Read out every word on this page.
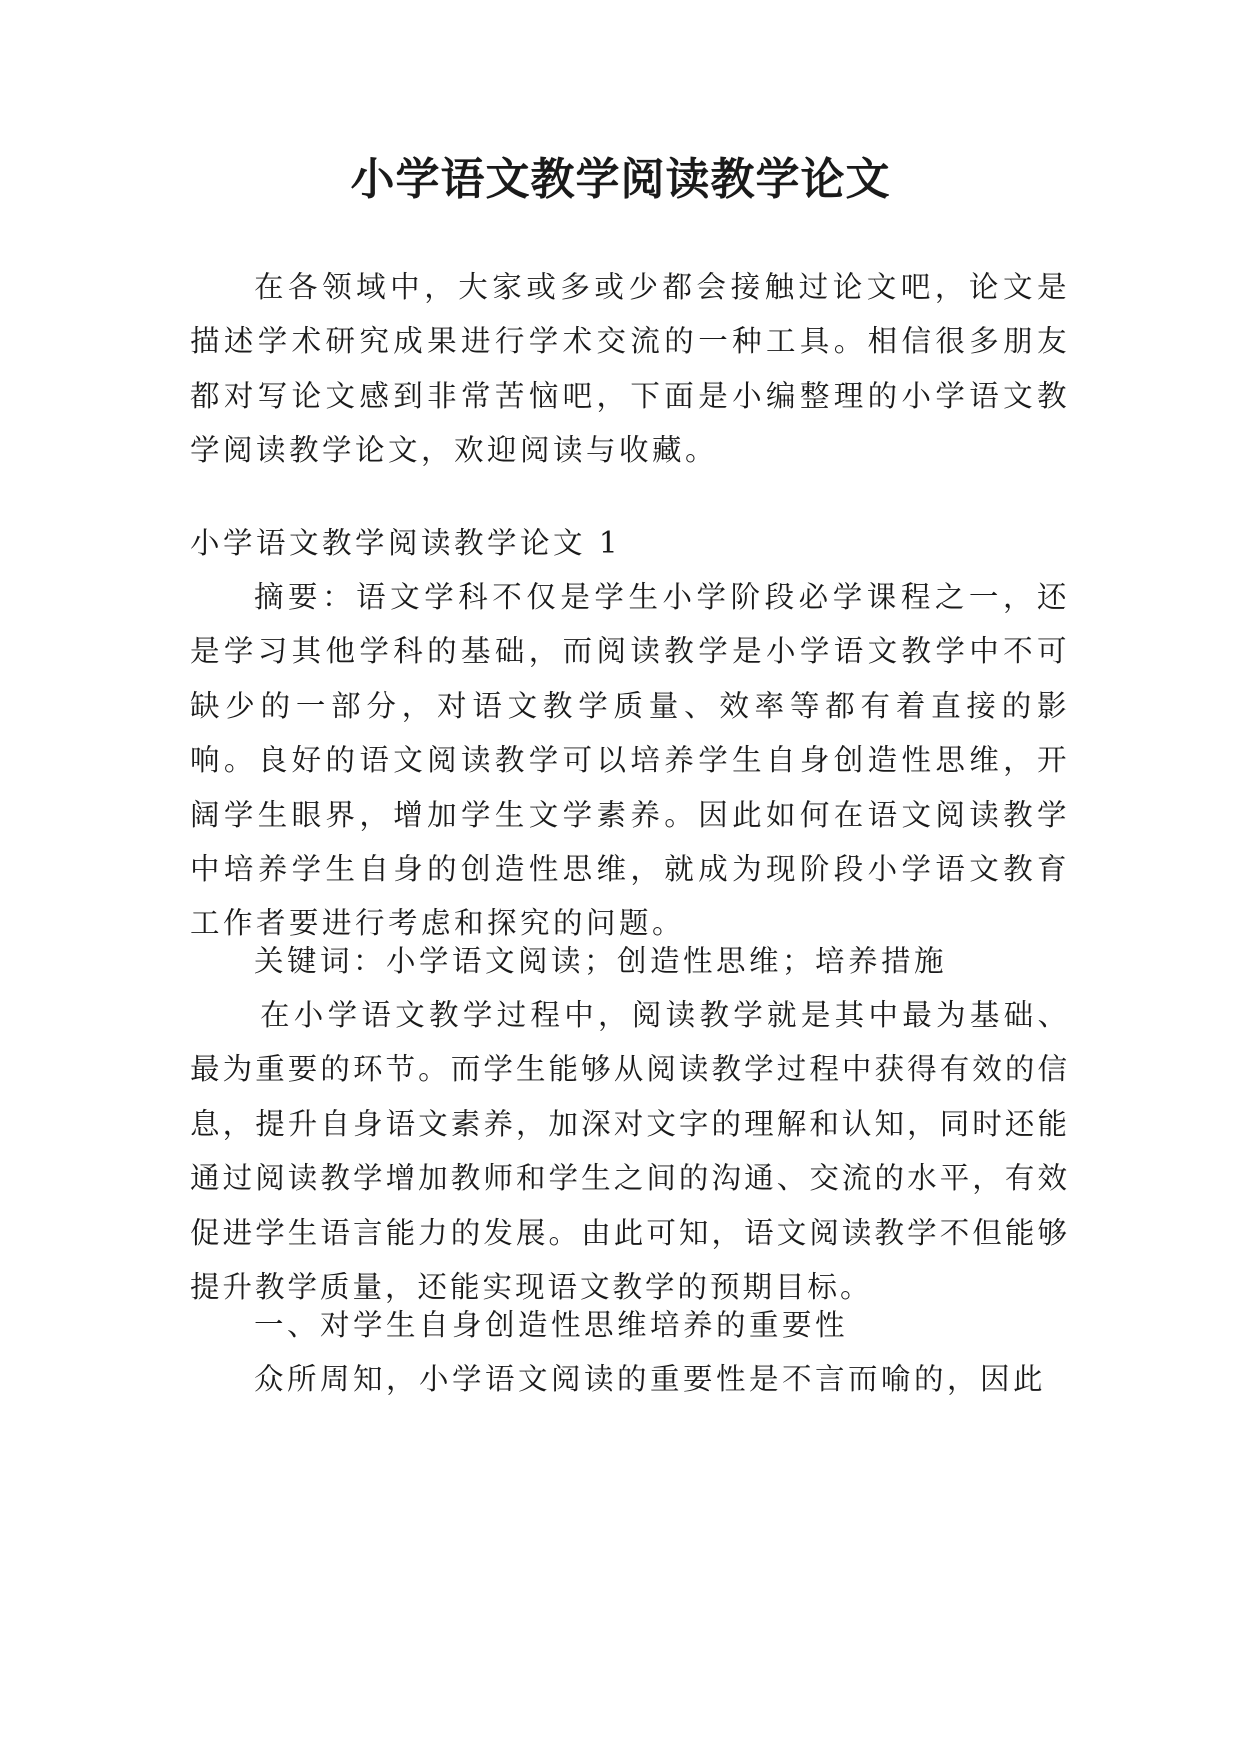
小学语文教学阅读教学论文

在各领域中，大家或多或少都会接触过论文吧，论文是描述学术研究成果进行学术交流的一种工具。相信很多朋友都对写论文感到非常苦恼吧，下面是小编整理的小学语文教学阅读教学论文，欢迎阅读与收藏。

小学语文教学阅读教学论文 1

摘要：语文学科不仅是学生小学阶段必学课程之一，还是学习其他学科的基础，而阅读教学是小学语文教学中不可缺少的一部分，对语文教学质量、效率等都有着直接的影响。良好的语文阅读教学可以培养学生自身创造性思维，开阔学生眼界，增加学生文学素养。因此如何在语文阅读教学中培养学生自身的创造性思维，就成为现阶段小学语文教育工作者要进行考虑和探究的问题。

关键词：小学语文阅读；创造性思维；培养措施

在小学语文教学过程中，阅读教学就是其中最为基础、最为重要的环节。而学生能够从阅读教学过程中获得有效的信息，提升自身语文素养，加深对文字的理解和认知，同时还能通过阅读教学增加教师和学生之间的沟通、交流的水平，有效促进学生语言能力的发展。由此可知，语文阅读教学不但能够提升教学质量，还能实现语文教学的预期目标。

一、对学生自身创造性思维培养的重要性

众所周知，小学语文阅读的重要性是不言而喻的，因此
